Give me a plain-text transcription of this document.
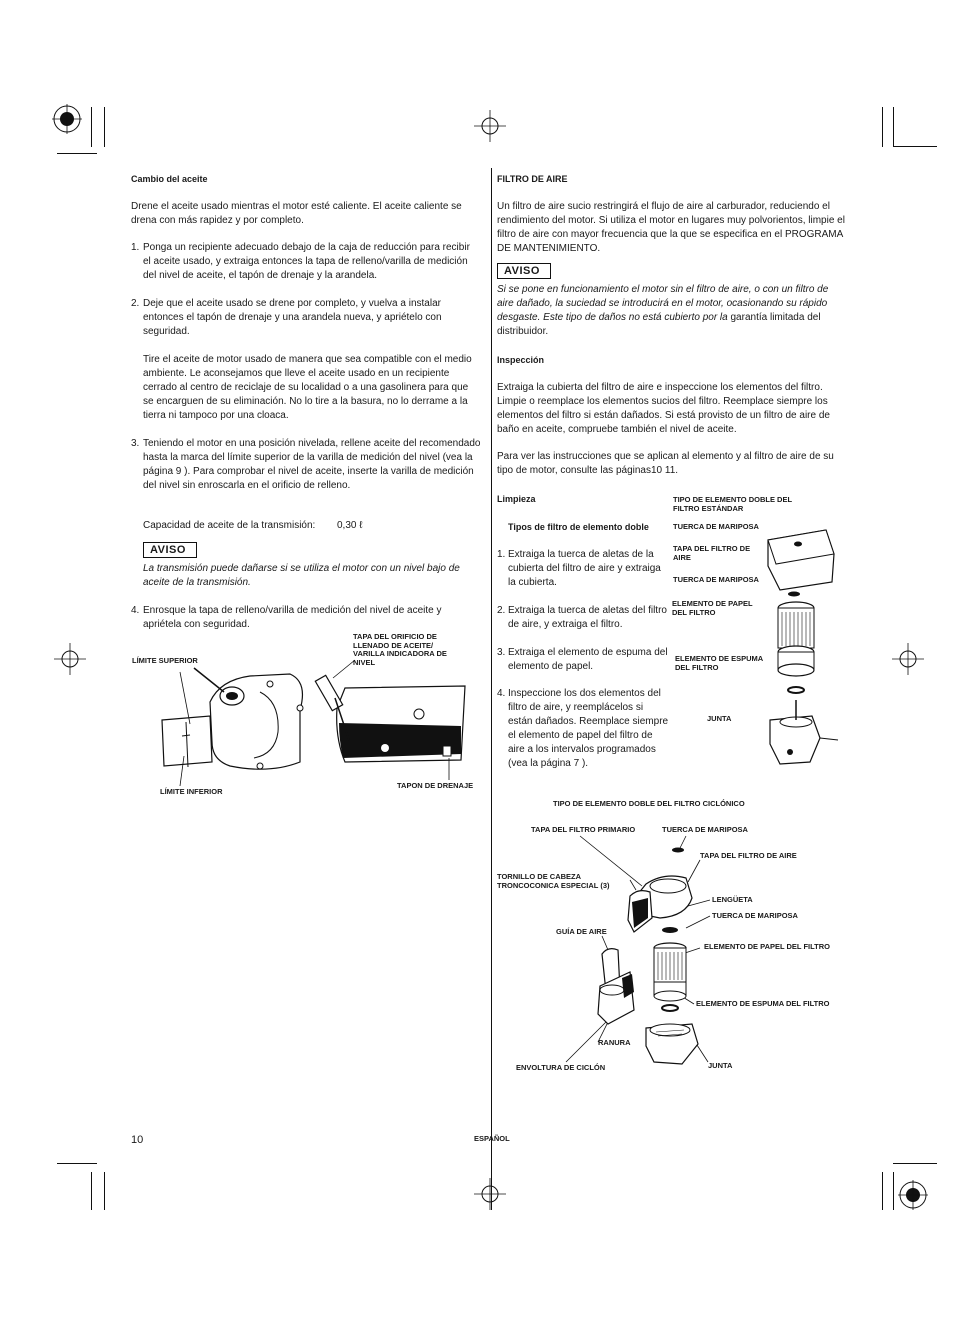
Cambio del aceite

Drene el aceite usado mientras el motor esté caliente. El aceite caliente se drena con más rapidez y por completo.

1. Ponga un recipiente adecuado debajo de la caja de reducción para recibir el aceite usado, y extraiga entonces la tapa de relleno/varilla de medición del nivel de aceite, el tapón de drenaje y la arandela.

2. Deje que el aceite usado se drene por completo, y vuelva a instalar entonces el tapón de drenaje y una arandela nueva, y apriételo con seguridad.

Tire el aceite de motor usado de manera que sea compatible con el medio ambiente. Le aconsejamos que lleve el aceite usado en un recipiente cerrado al centro de reciclaje de su localidad o a una gasolinera para que se encarguen de su eliminación. No lo tire a la basura, no lo derrame a la tierra ni tampoco por una cloaca.

3. Teniendo el motor en una posición nivelada, rellene aceite del recomendado hasta la marca del límite superior de la varilla de medición del nivel (vea la página 9 ). Para comprobar el nivel de aceite, inserte la varilla de medición del nivel sin enroscarla en el orificio de relleno.

Capacidad de aceite de la transmisión: 0,30 ℓ

AVISO

La transmisión puede dañarse si se utiliza el motor con un nivel bajo de aceite de la transmisión.

4. Enrosque la tapa de relleno/varilla de medición del nivel de aceite y apriétela con seguridad.

LÍMITE SUPERIOR

LÍMITE INFERIOR

TAPA DEL ORIFICIO DE LLENADO DE ACEITE/ VARILLA INDICADORA DE NIVEL

TAPON DE DRENAJE

FILTRO DE AIRE

Un filtro de aire sucio restringirá el flujo de aire al carburador, reduciendo el rendimiento del motor. Si utiliza el motor en lugares muy polvorientos, limpie el filtro de aire con mayor frecuencia que la que se especifica en el PROGRAMA DE MANTENIMIENTO.

AVISO

Si se pone en funcionamiento el motor sin el filtro de aire, o con un filtro de aire dañado, la suciedad se introducirá en el motor, ocasionando su rápido desgaste. Este tipo de daños no está cubierto por la garantía limitada del distribuidor.

Inspección

Extraiga la cubierta del filtro de aire e inspeccione los elementos del filtro. Limpie o reemplace los elementos sucios del filtro. Reemplace siempre los elementos del filtro si están dañados. Si está provisto de un filtro de aire de baño en aceite, compruebe también el nivel de aceite.

Para ver las instrucciones que se aplican al elemento y al filtro de aire de su tipo de motor, consulte las páginas10 11.

Limpieza

Tipos de filtro de elemento doble

1. Extraiga la tuerca de aletas de la cubierta del filtro de aire y extraiga la cubierta.

2. Extraiga la tuerca de aletas del filtro de aire, y extraiga el filtro.

3. Extraiga el elemento de espuma del elemento de papel.

4. Inspeccione los dos elementos del filtro de aire, y reemplácelos si están dañados. Reemplace siempre el elemento de papel del filtro de aire a los intervalos programados (vea la página 7 ).

TIPO DE ELEMENTO DOBLE DEL FILTRO ESTÁNDAR

TUERCA DE MARIPOSA

TAPA DEL FILTRO DE AIRE

TUERCA DE MARIPOSA

ELEMENTO DE PAPEL DEL FILTRO

ELEMENTO DE ESPUMA DEL FILTRO

JUNTA

TIPO DE ELEMENTO DOBLE DEL FILTRO CICLÓNICO

TAPA DEL FILTRO PRIMARIO	TUERCA DE MARIPOSA

TAPA DEL FILTRO DE AIRE

TORNILLO DE CABEZA TRONCOCONICA ESPECIAL (3)

LENGÜETA

TUERCA DE MARIPOSA

GUÍA DE AIRE

ELEMENTO DE PAPEL DEL FILTRO

ELEMENTO DE ESPUMA DEL FILTRO

RANURA

ENVOLTURA DE CICLÓN	JUNTA

10	ESPAÑOL
